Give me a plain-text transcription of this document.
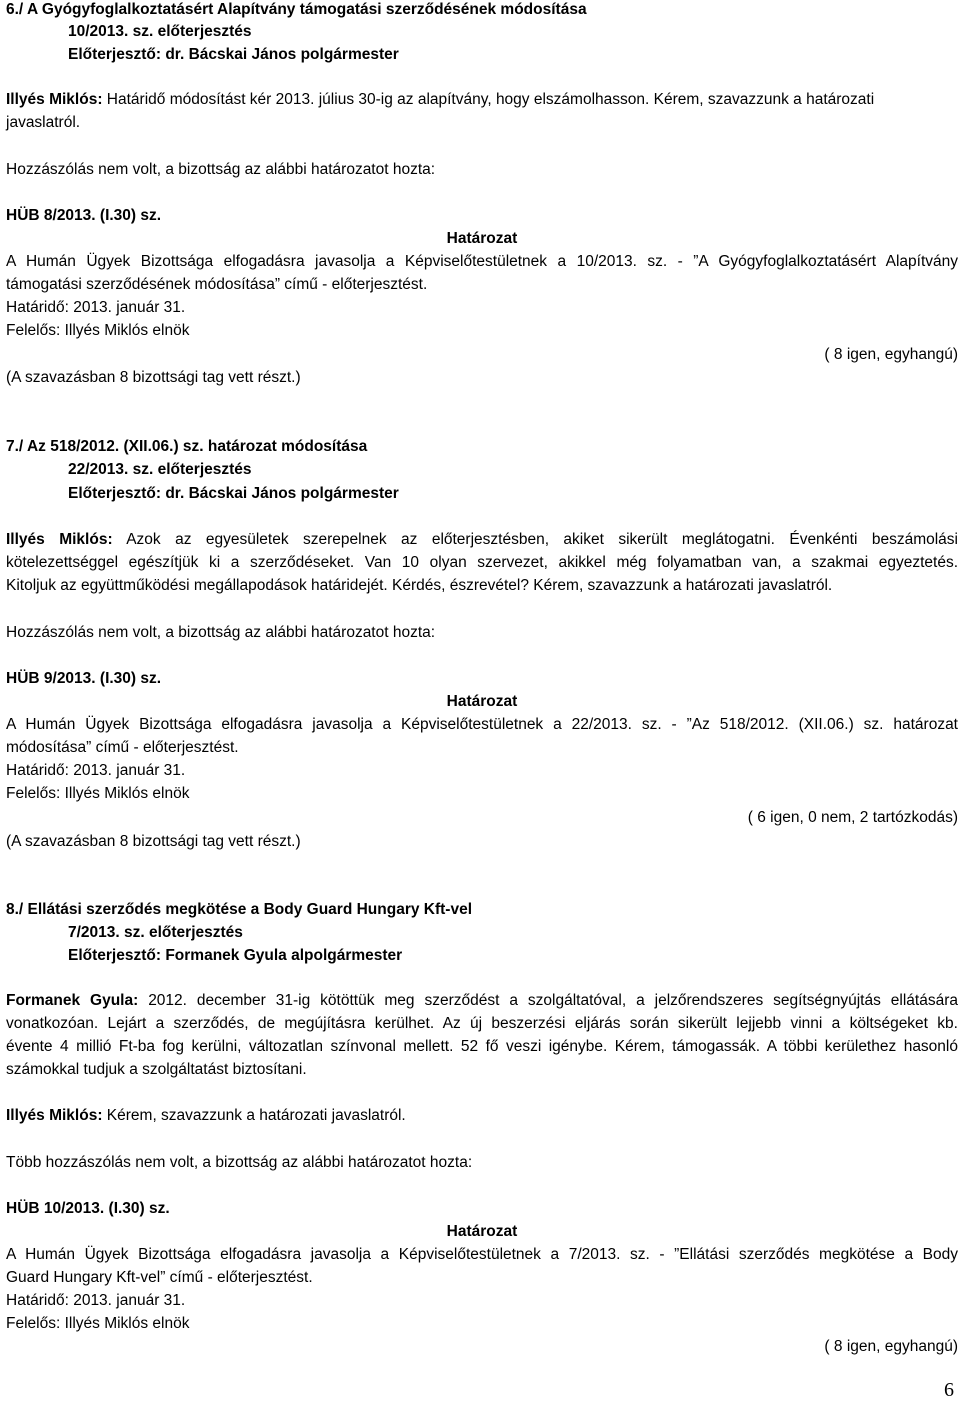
6./ A Gyógyfoglalkoztatásért Alapítvány támogatási szerződésének módosítása
10/2013. sz. előterjesztés
Előterjesztő: dr. Bácskai János polgármester
Illyés Miklós: Határidő módosítást kér 2013. július 30-ig az alapítvány, hogy elszámolhasson. Kérem, szavazzunk a határozati
javaslatról.
Hozzászólás nem volt, a bizottság az alábbi határozatot hozta:
HÜB 8/2013. (I.30) sz.
Határozat
A Humán Ügyek Bizottsága elfogadásra javasolja a Képviselőtestületnek a 10/2013. sz. - ”A Gyógyfoglalkoztatásért Alapítvány
támogatási szerződésének módosítása” című - előterjesztést.
Határidő: 2013. január 31.
Felelős: Illyés Miklós elnök
( 8 igen, egyhangú)
(A szavazásban 8 bizottsági tag vett részt.)
7./ Az 518/2012. (XII.06.) sz. határozat módosítása
22/2013. sz. előterjesztés
Előterjesztő: dr. Bácskai János polgármester
Illyés Miklós: Azok az egyesületek szerepelnek az előterjesztésben, akiket sikerült meglátogatni. Évenkénti beszámolási
kötelezettséggel egészítjük ki a szerződéseket. Van 10 olyan szervezet, akikkel még folyamatban van, a szakmai egyeztetés.
Kitoljuk az együttműködési megállapodások határidejét. Kérdés, észrevétel? Kérem, szavazzunk a határozati javaslatról.
Hozzászólás nem volt, a bizottság az alábbi határozatot hozta:
HÜB 9/2013. (I.30) sz.
Határozat
A Humán Ügyek Bizottsága elfogadásra javasolja a Képviselőtestületnek a 22/2013. sz. - ”Az 518/2012. (XII.06.) sz. határozat
módosítása” című - előterjesztést.
Határidő: 2013. január 31.
Felelős: Illyés Miklós elnök
( 6 igen, 0 nem, 2 tartózkodás)
(A szavazásban 8 bizottsági tag vett részt.)
8./ Ellátási szerződés megkötése a Body Guard Hungary Kft-vel
7/2013. sz. előterjesztés
Előterjesztő: Formanek Gyula alpolgármester
Formanek Gyula: 2012. december 31-ig kötöttük meg szerződést a szolgáltatóval, a jelzőrendszeres segítségnyújtás ellátására
vonatkozóan. Lejárt a szerződés, de megújításra kerülhet. Az új beszerzési eljárás során sikerült lejjebb vinni a költségeket kb.
évente 4 millió Ft-ba fog kerülni, változatlan színvonal mellett. 52 fő veszi igénybe. Kérem, támogassák. A többi kerülethez hasonló
számokkal tudjuk a szolgáltatást biztosítani.
Illyés Miklós: Kérem, szavazzunk a határozati javaslatról.
Több hozzászólás nem volt, a bizottság az alábbi határozatot hozta:
HÜB 10/2013. (I.30) sz.
Határozat
A Humán Ügyek Bizottsága elfogadásra javasolja a Képviselőtestületnek a 7/2013. sz. - ”Ellátási szerződés megkötése a Body
Guard Hungary Kft-vel” című - előterjesztést.
Határidő: 2013. január 31.
Felelős: Illyés Miklós elnök
( 8 igen, egyhangú)
6
